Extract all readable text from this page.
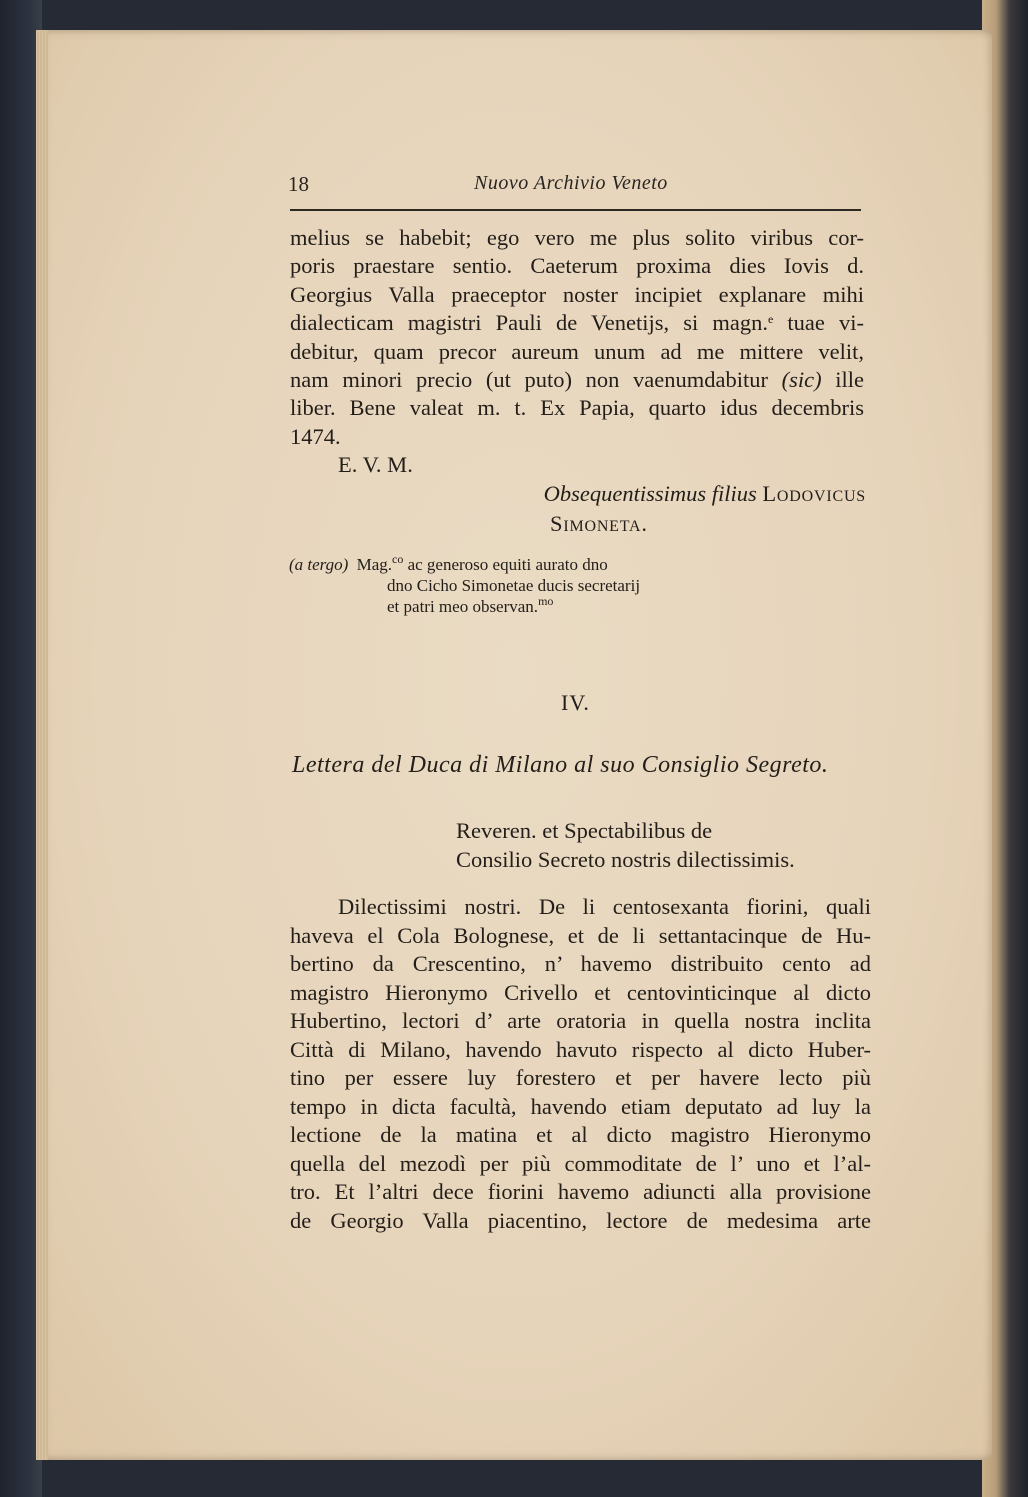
18	Nuovo Archivio Veneto
melius se habebit; ego vero me plus solito viribus cor-
poris praestare sentio. Caeterum proxima dies Iovis d.
Georgius Valla praeceptor noster incipiet explanare mihi
dialecticam magistri Pauli de Venetijs, si magn.$^e$ tuae vi-
debitur, quam precor aureum unum ad me mittere velit,
nam minori precio (ut puto) non vaenumdabitur (sic) ille
liber. Bene valeat m. t. Ex Papia, quarto idus decembris
1474.
E. V. M.
Obsequentissimus filius Lodovicus
Simoneta.
(a tergo) Mag.$^{co}$ ac generoso equiti aurato dno
dno Cicho Simonetae ducis secretarij
et patri meo observan.$^{mo}$
IV.
Lettera del Duca di Milano al suo Consiglio Segreto.
Reveren. et Spectabilibus de
Consilio Secreto nostris dilectissimis.
Dilectissimi nostri. De li centosexanta fiorini, quali
haveva el Cola Bolognese, et de li settantacinque de Hu-
bertino da Crescentino, n’ havemo distribuito cento ad
magistro Hieronymo Crivello et centovinticinque al dicto
Hubertino, lectori d’ arte oratoria in quella nostra inclita
Città di Milano, havendo havuto rispecto al dicto Huber-
tino per essere luy forestero et per havere lecto più
tempo in dicta facultà, havendo etiam deputato ad luy la
lectione de la matina et al dicto magistro Hieronymo
quella del mezodì per più commoditate de l’ uno et l’al-
tro. Et l’altri dece fiorini havemo adiuncti alla provisione
de Georgio Valla piacentino, lectore de medesima arte
